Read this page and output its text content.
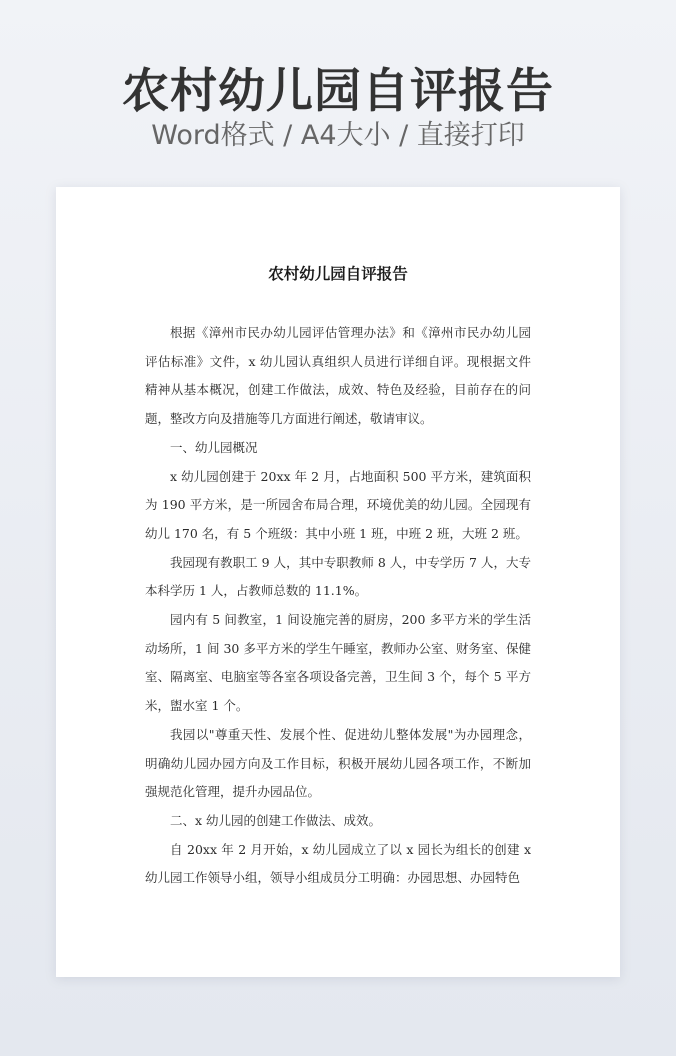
农村幼儿园自评报告
Word格式 / A4大小 / 直接打印
农村幼儿园自评报告

根据《漳州市民办幼儿园评估管理办法》和《漳州市民办幼儿园评估标准》文件，x 幼儿园认真组织人员进行详细自评。现根据文件精神从基本概况，创建工作做法，成效、特色及经验，目前存在的问题，整改方向及措施等几方面进行阐述，敬请审议。

一、幼儿园概况

x 幼儿园创建于 20xx 年 2 月，占地面积 500 平方米，建筑面积为 190 平方米，是一所园舍布局合理，环境优美的幼儿园。全园现有幼儿 170 名，有 5 个班级：其中小班 1 班，中班 2 班，大班 2 班。

我园现有教职工 9 人，其中专职教师 8 人，中专学历 7 人，大专本科学历 1 人，占教师总数的 11.1%。

园内有 5 间教室，1 间设施完善的厨房，200 多平方米的学生活动场所，1 间 30 多平方米的学生午睡室，教师办公室、财务室、保健室、隔离室、电脑室等各室各项设备完善，卫生间 3 个，每个 5 平方米，盥水室 1 个。

我园以"尊重天性、发展个性、促进幼儿整体发展"为办园理念，明确幼儿园办园方向及工作目标，积极开展幼儿园各项工作，不断加强规范化管理，提升办园品位。

二、x 幼儿园的创建工作做法、成效。

自 20xx 年 2 月开始，x 幼儿园成立了以 x 园长为组长的创建 x 幼儿园工作领导小组，领导小组成员分工明确：办园思想、办园特色
